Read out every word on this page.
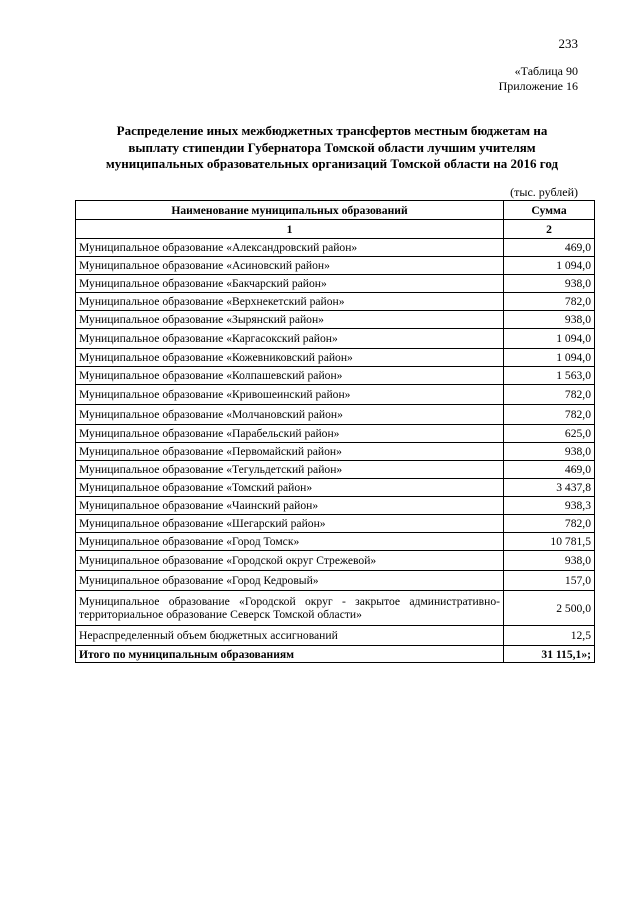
233
«Таблица 90
Приложение 16
Распределение иных межбюджетных трансфертов местным бюджетам на
выплату стипендии Губернатора Томской области лучшим учителям
муниципальных образовательных организаций Томской области на 2016 год
(тыс. рублей)
Наименование муниципальных образований	Сумма
1	2
Муниципальное образование «Александровский район»	469,0
Муниципальное образование «Асиновский район»	1 094,0
Муниципальное образование «Бакчарский район»	938,0
Муниципальное образование «Верхнекетский район»	782,0
Муниципальное образование «Зырянский район»	938,0
Муниципальное образование «Каргасокский район»	1 094,0
Муниципальное образование «Кожевниковский район»	1 094,0
Муниципальное образование «Колпашевский район»	1 563,0
Муниципальное образование «Кривошеинский район»	782,0
Муниципальное образование «Молчановский район»	782,0
Муниципальное образование «Парабельский район»	625,0
Муниципальное образование «Первомайский район»	938,0
Муниципальное образование «Тегульдетский район»	469,0
Муниципальное образование «Томский район»	3 437,8
Муниципальное образование «Чаинский район»	938,3
Муниципальное образование «Шегарский район»	782,0
Муниципальное образование «Город Томск»	10 781,5
Муниципальное образование «Городской округ Стрежевой»	938,0
Муниципальное образование «Город Кедровый»	157,0
Муниципальное образование «Городской округ - закрытое административно-территориальное образование Северск Томской области»	2 500,0
Нераспределенный объем бюджетных ассигнований	12,5
Итого по муниципальным образованиям	31 115,1»;
